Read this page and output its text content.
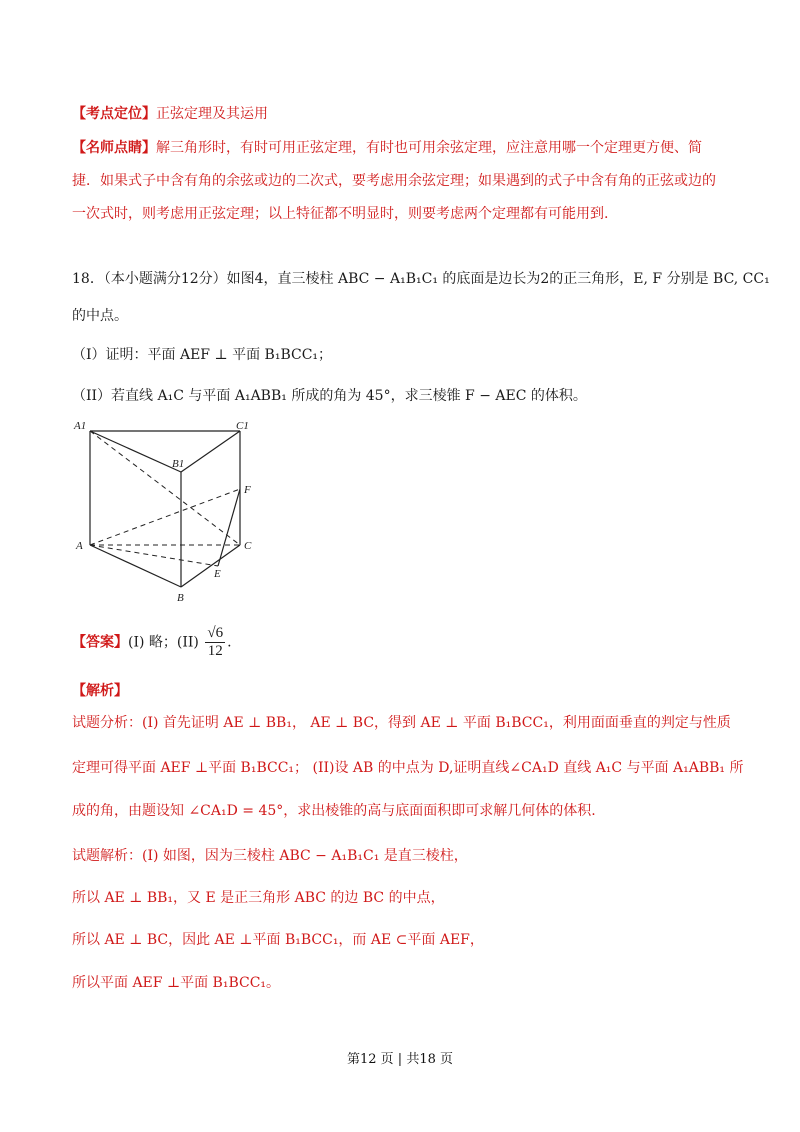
【考点定位】正弦定理及其运用
【名师点睛】解三角形时，有时可用正弦定理，有时也可用余弦定理，应注意用哪一个定理更方便、简
捷．如果式子中含有角的余弦或边的二次式，要考虑用余弦定理；如果遇到的式子中含有角的正弦或边的
一次式时，则考虑用正弦定理；以上特征都不明显时，则要考虑两个定理都有可能用到.
18．（本小题满分12分）如图4，直三棱柱 ABC − A₁B₁C₁ 的底面是边长为2的正三角形，E, F 分别是 BC, CC₁
的中点。
（I）证明：平面 AEF ⊥ 平面 B₁BCC₁；
（II）若直线 A₁C 与平面 A₁ABB₁ 所成的角为 45°，求三棱锥 F − AEC 的体积。
A1	C1
B1
F
A	C
E
B
【答案】(I) 略；$(II) \frac{√6}{12}$ .
【解析】
试题分析：(I) 首先证明 AE ⊥ BB₁， AE ⊥ BC，得到 AE ⊥ 平面 B₁BCC₁，利用面面垂直的判定与性质
定理可得平面 AEF ⊥平面 B₁BCC₁； (II)设 AB 的中点为 D,证明直线∠CA₁D 直线 A₁C 与平面 A₁ABB₁ 所
成的角，由题设知 ∠CA₁D = 45°，求出棱锥的高与底面面积即可求解几何体的体积.
试题解析：(I) 如图，因为三棱柱 ABC − A₁B₁C₁ 是直三棱柱，
所以 AE ⊥ BB₁，又 E 是正三角形 ABC 的边 BC 的中点，
所以 AE ⊥ BC，因此 AE ⊥平面 B₁BCC₁，而 AE ⊂平面 AEF，
所以平面 AEF ⊥平面 B₁BCC₁。
第12 页 | 共18 页
